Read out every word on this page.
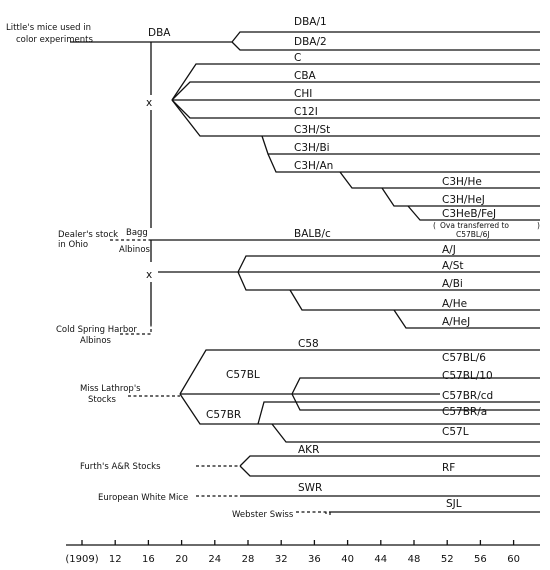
Little's mice used in
color experiments
Dealer's stock
in Ohio
Bagg
Albinos
Cold Spring Harbor
Albinos
Miss Lathrop's
Stocks
Furth's A&R Stocks
European White Mice
Webster Swiss
DBA
x
x
C57BL
C57BR
DBA/1
DBA/2
C
CBA
CHI
C12I
C3H/St
C3H/Bi
C3H/An
C3H/He
C3H/HeJ
C3HeB/FeJ
( Ova transferred to	)
C57BL/6J
BALB/c
A/J
A/St
A/Bi
A/He
A/HeJ
C58
C57BL/6
C57BL/10
C57BR/cd
C57BR/a
C57L
AKR
RF
SWR
SJL
(1909) 12 16 20 24 28 32 36 40 44 48 52 56 60
